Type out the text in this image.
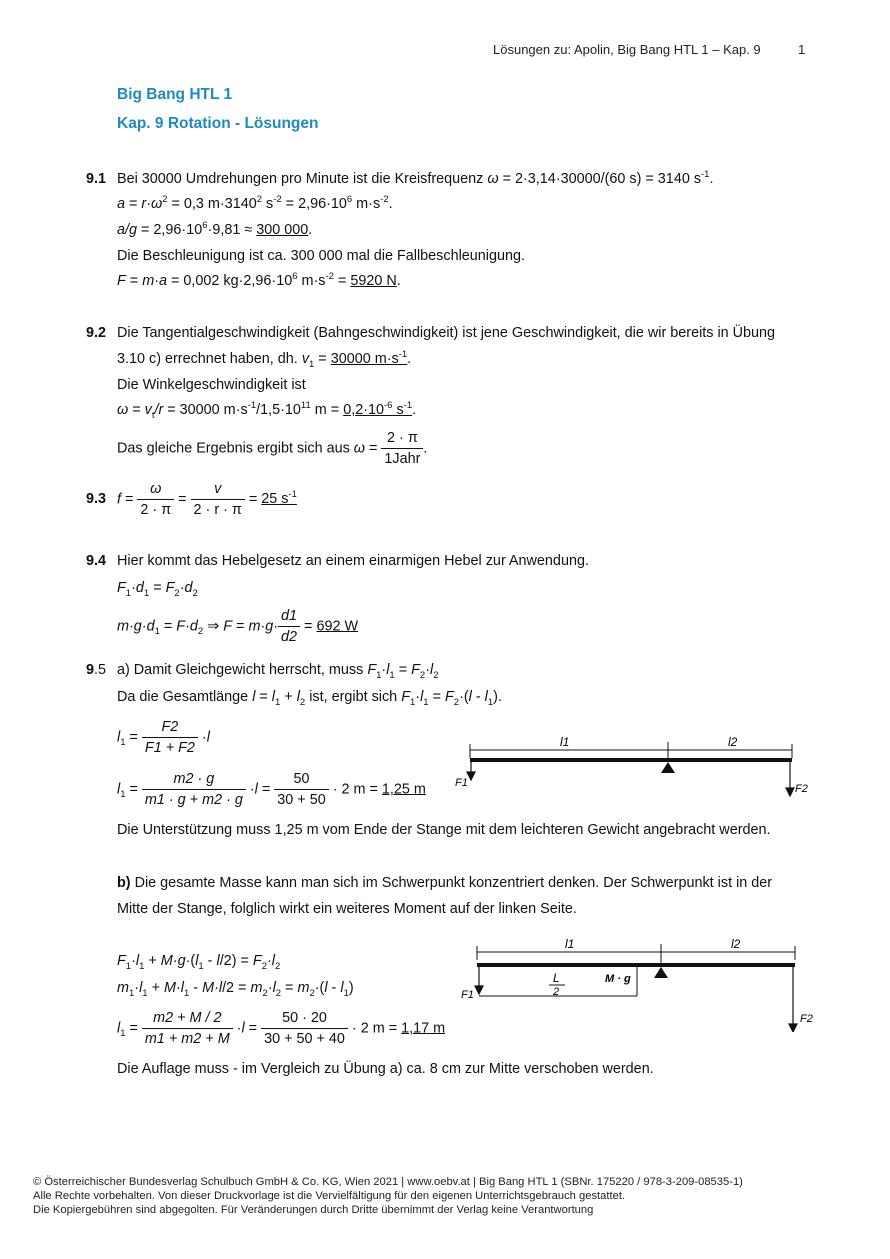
Lösungen zu: Apolin, Big Bang HTL 1 – Kap. 9	1
Big Bang HTL 1
Kap. 9 Rotation - Lösungen
9.1 Bei 30000 Umdrehungen pro Minute ist die Kreisfrequenz ω = 2·3,14·30000/(60 s) = 3140 $s^{-1}$.
$a = r\cdot\omega^2 = 0,3$ $m\cdot 3140^2$ $s^{-2} = 2,96\cdot 10^6$ $m\cdot s^{-2}$.
$a/g = 2,96\cdot 10^6\cdot 9,81 \approx 300$ 000.
Die Beschleunigung ist ca. 300 000 mal die Fallbeschleunigung.
F = m·a = 0,002 $kg\cdot 2,96\cdot 10^6$ $m\cdot s^{-2} = 5920$ N.
9.2 Die Tangentialgeschwindigkeit (Bahngeschwindigkeit) ist jene Geschwindigkeit, die wir bereits in Übung
3.10 c) errechnet haben, dh. $v_1 = 30000$ $m\cdot s^{-1}$.
Die Winkelgeschwindigkeit ist
$\omega = v_t/r = 30000$ $m\cdot s^{-1}/1,5\cdot 10^{11}$ $m = 0,2\cdot 10^{-6}$ $s^{-1}$.
Das gleiche Ergebnis ergibt sich aus $\omega = \frac{2 \cdot \pi}{\text{1Jahr}}$ .
9.3 $f = \frac{\omega}{2 \cdot \pi} = \frac{v}{2 \cdot r \cdot \pi} = 25$ $s^{-1}$
9.4 Hier kommt das Hebelgesetz an einem einarmigen Hebel zur Anwendung.
$F_1\cdot d_1 = F_2\cdot d_2$
$m\cdot g\cdot d_1 = F\cdot d_2$ ⇒ $F = m\cdot g\cdot \frac{d1}{d2} = 692$ W
9.5 a) Damit Gleichgewicht herrscht, muss $F_1\cdot l_1 = F_2\cdot l_2$
Da die Gesamtlänge $l = l_1 + l_2$ ist, ergibt sich $F_1\cdot l_1 = F_2\cdot(l - l_1)$.
$l_1 = \frac{F2}{F1 + F2} \cdot l$
$l_1 = \frac{m2 \cdot g}{m1 \cdot g + m2 \cdot g} \cdot l = \frac{50}{30 + 50} \cdot 2$ m = 1,25 m
Die Unterstützung muss 1,25 m vom Ende der Stange mit dem leichteren Gewicht angebracht werden.
l1	l2
F1	F2
b) Die gesamte Masse kann man sich im Schwerpunkt konzentriert denken. Der Schwerpunkt ist in der
Mitte der Stange, folglich wirkt ein weiteres Moment auf der linken Seite.
$F_1\cdot l_1 + M\cdot g\cdot(l_1 - l/2) = F_2\cdot l_2$
$m_1\cdot l_1 + M\cdot l_1 - M\cdot l/2 = m_2\cdot l_2 = m_2\cdot(l - l_1)$
$l_1 = \frac{m2 + M / 2}{m1 + m2 + M} \cdot l = \frac{50 \cdot 20}{30 + 50 + 40} \cdot 2$ m = 1,17 m
Die Auflage muss - im Vergleich zu Übung a) ca. 8 cm zur Mitte verschoben werden.
l1	l2
L
2
M · g
F1
F2
© Österreichischer Bundesverlag Schulbuch GmbH & Co. KG, Wien 2021 | www.oebv.at | Big Bang HTL 1 (SBNr. 175220 / 978-3-209-08535-1)
Alle Rechte vorbehalten. Von dieser Druckvorlage ist die Vervielfältigung für den eigenen Unterrichtsgebrauch gestattet.
Die Kopiergebühren sind abgegolten. Für Veränderungen durch Dritte übernimmt der Verlag keine Verantwortung
